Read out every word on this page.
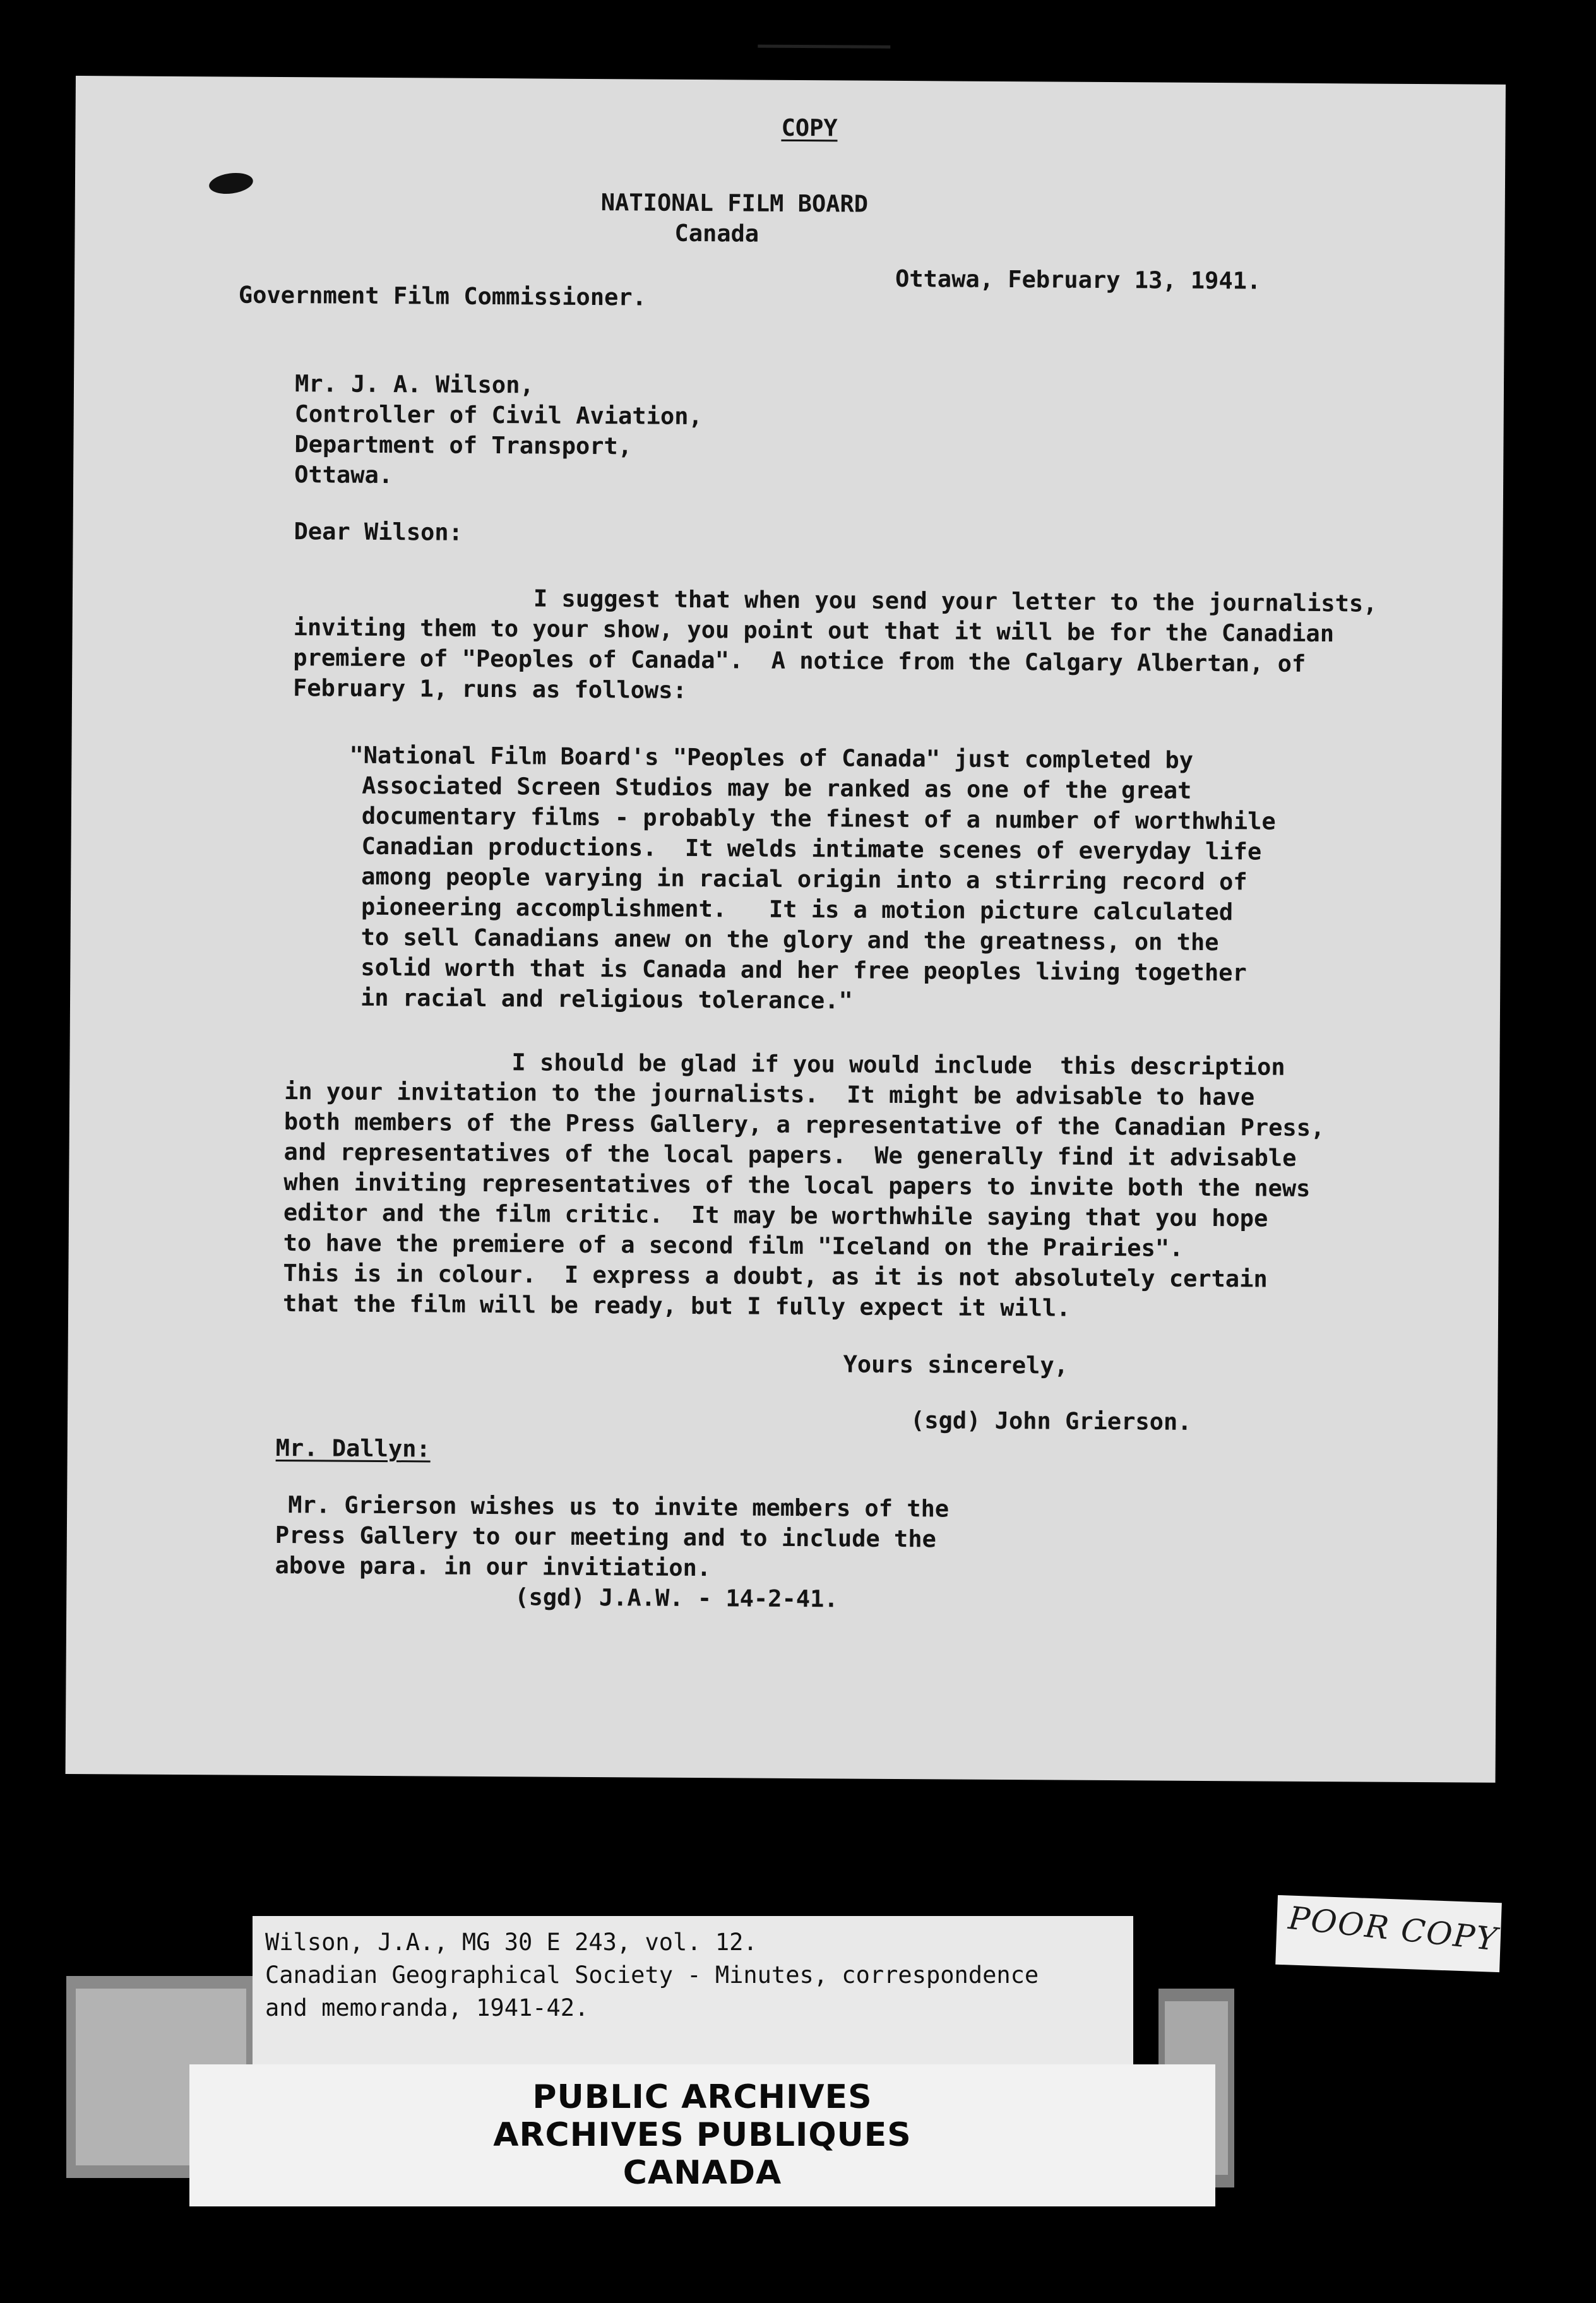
COPY

NATIONAL FILM BOARD

Canada

Ottawa, February 13, 1941.

Government Film Commissioner.

Mr. J. A. Wilson,

Controller of Civil Aviation,

Department of Transport,

Ottawa.

Dear Wilson:

I suggest that when you send your letter to the journalists,

inviting them to your show, you point out that it will be for the Canadian

premiere of "Peoples of Canada".  A notice from the Calgary Albertan, of

February 1, runs as follows:

"National Film Board's "Peoples of Canada" just completed by

Associated Screen Studios may be ranked as one of the great

documentary films - probably the finest of a number of worthwhile

Canadian productions.  It welds intimate scenes of everyday life

among people varying in racial origin into a stirring record of

pioneering accomplishment.   It is a motion picture calculated

to sell Canadians anew on the glory and the greatness, on the

solid worth that is Canada and her free peoples living together

in racial and religious tolerance."

I should be glad if you would include  this description

in your invitation to the journalists.  It might be advisable to have

both members of the Press Gallery, a representative of the Canadian Press,

and representatives of the local papers.  We generally find it advisable

when inviting representatives of the local papers to invite both the news

editor and the film critic.  It may be worthwhile saying that you hope

to have the premiere of a second film "Iceland on the Prairies".

This is in colour.  I express a doubt, as it is not absolutely certain

that the film will be ready, but I fully expect it will.

Yours sincerely,

(sgd) John Grierson.

Mr. Dallyn:

Mr. Grierson wishes us to invite members of the

Press Gallery to our meeting and to include the

above para. in our invitiation.

(sgd) J.A.W. - 14-2-41.

Wilson, J.A., MG 30 E 243, vol. 12.

Canadian Geographical Society - Minutes, correspondence

and memoranda, 1941-42.

PUBLIC ARCHIVES
ARCHIVES PUBLIQUES
CANADA

POOR COPY
